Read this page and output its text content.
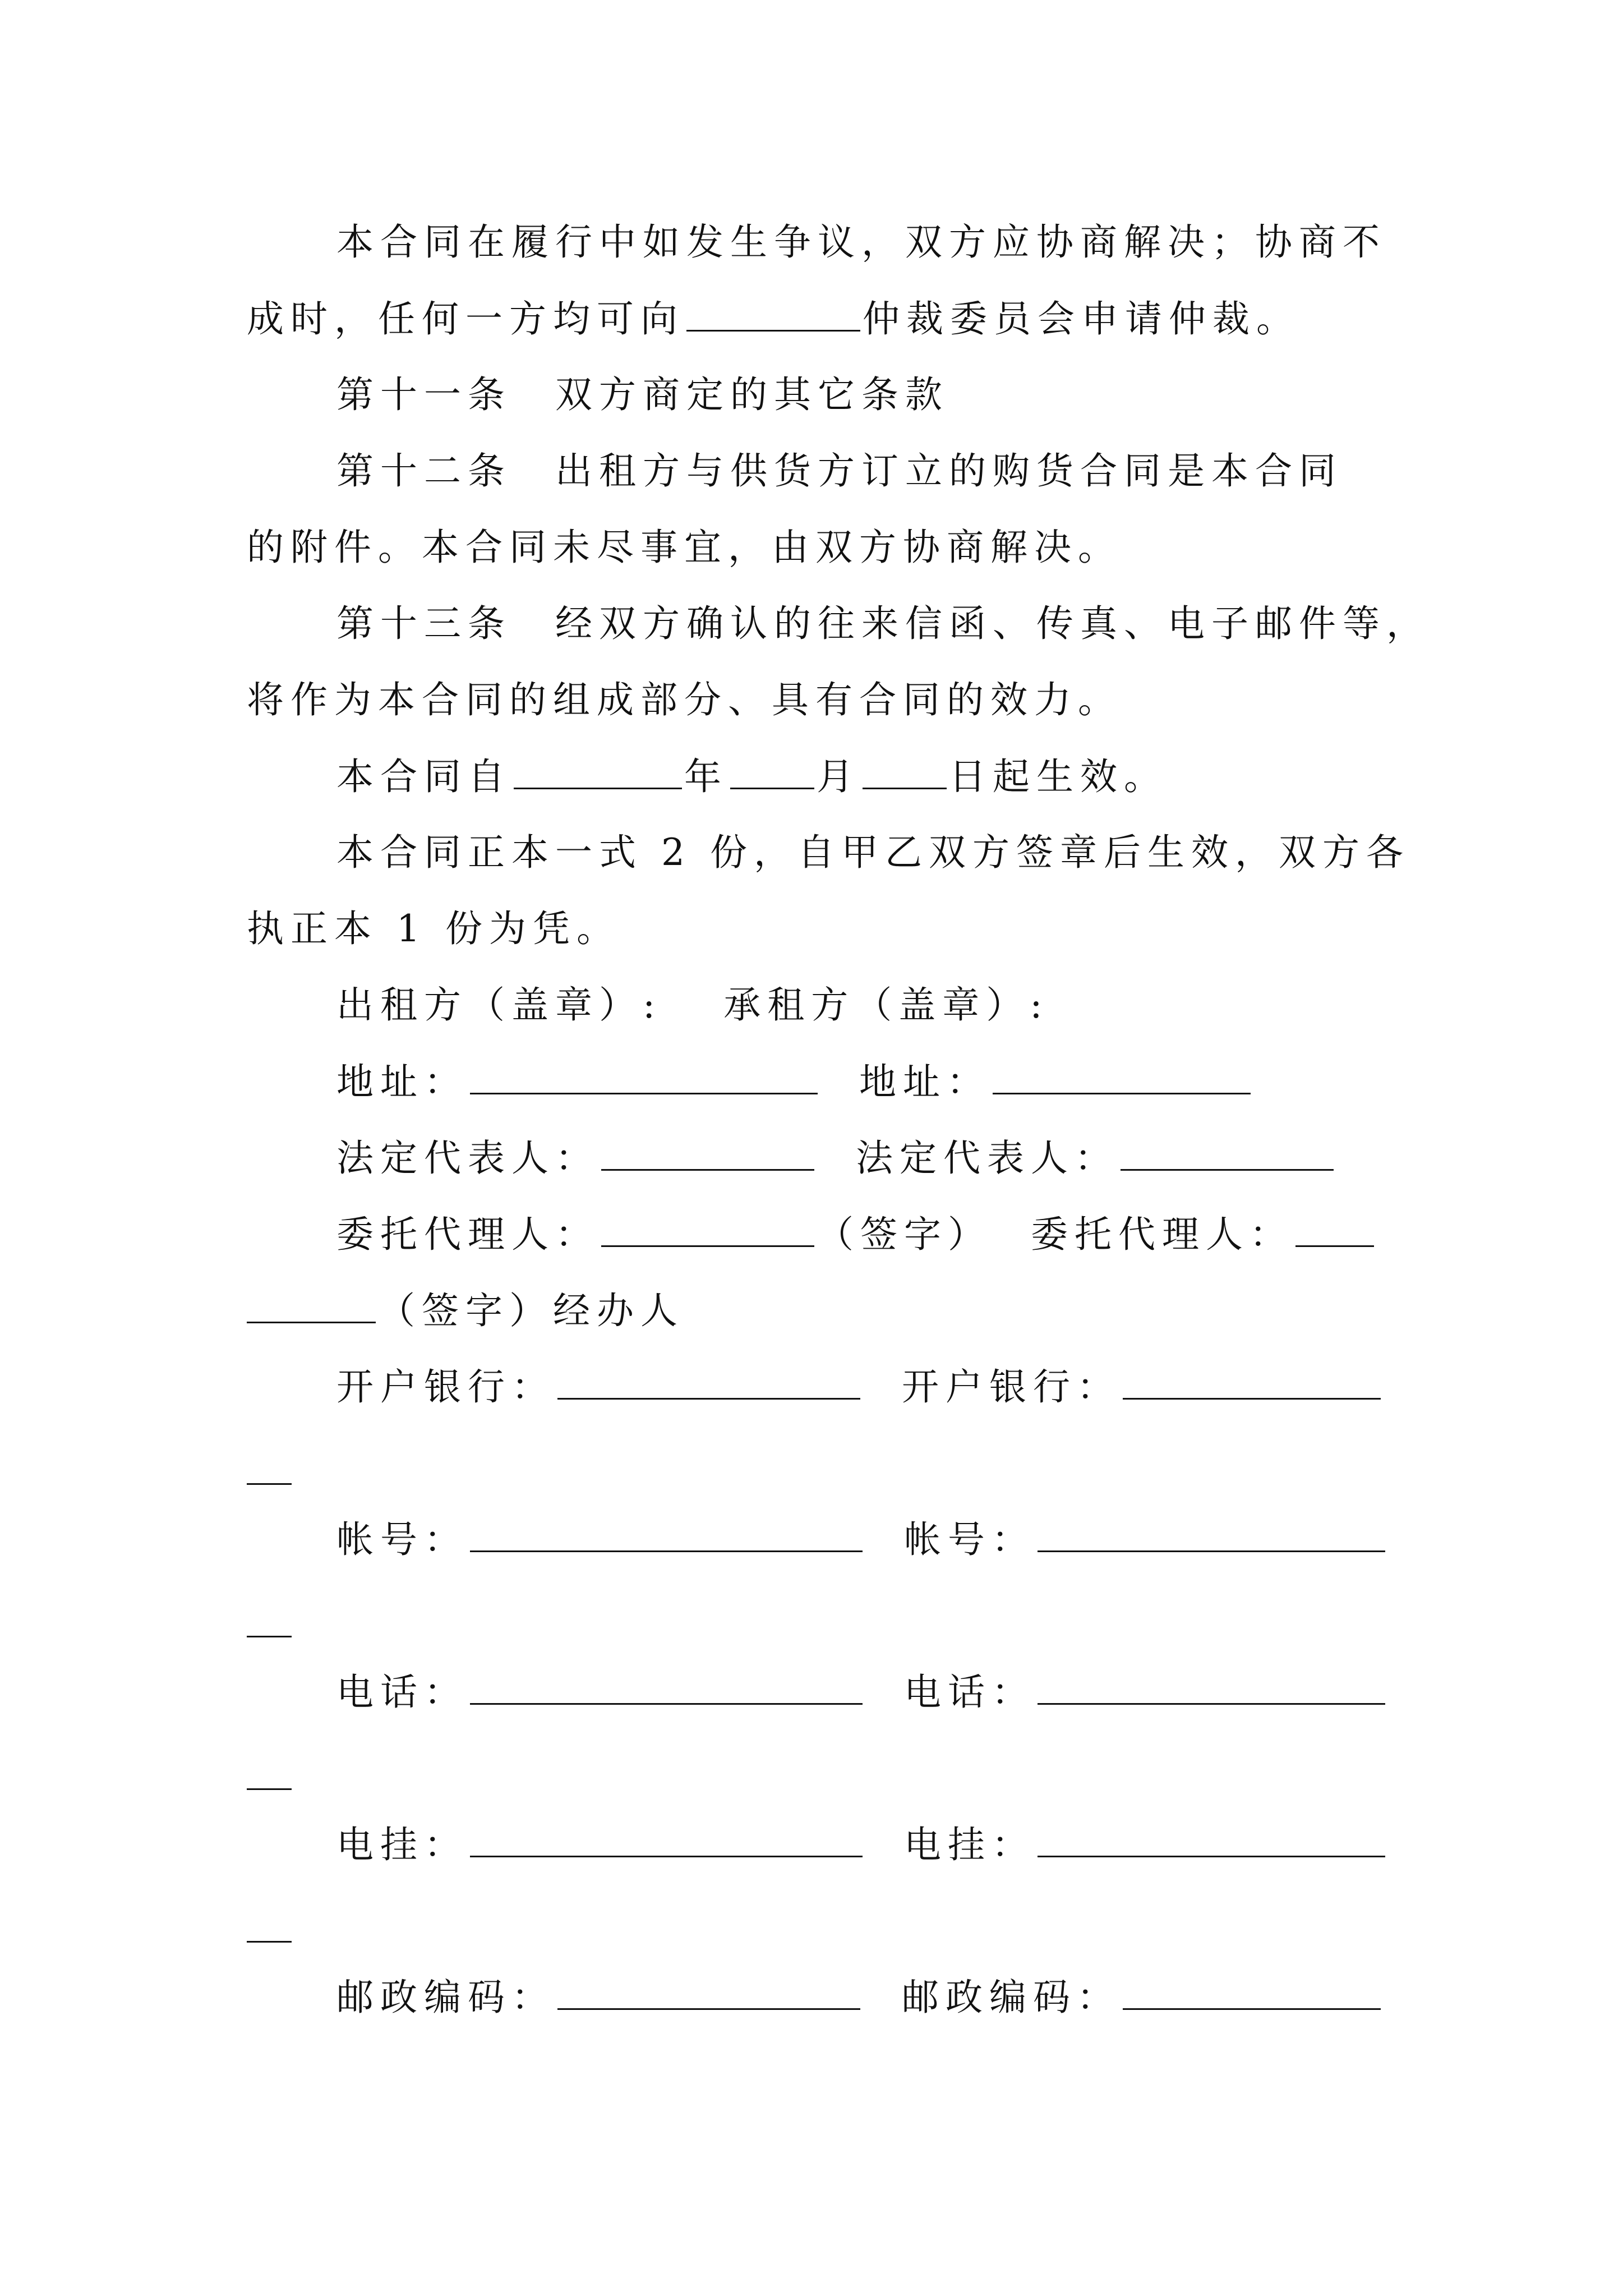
本合同在履行中如发生争议，双方应协商解决；协商不
成时，任何一方均可向	仲裁委员会申请仲裁。
第十一条　双方商定的其它条款
第十二条　出租方与供货方订立的购货合同是本合同
的附件。本合同未尽事宜，由双方协商解决。
第十三条　经双方确认的往来信函、传真、电子邮件等，
将作为本合同的组成部分、具有合同的效力。
本合同自	年 月 日起生效。
本合同正本一式 2 份，自甲乙双方签章后生效，双方各
执正本 1 份为凭。
出租方（盖章）: 承租方（盖章）:
地址：	地址：
法定代表人：	法定代表人：
委托代理人：	（签字） 委托代理人：
（签字）经办人
开户银行：	开户银行：
帐号：	帐号：
电话：	电话：
电挂：	电挂：
邮政编码：	邮政编码：
